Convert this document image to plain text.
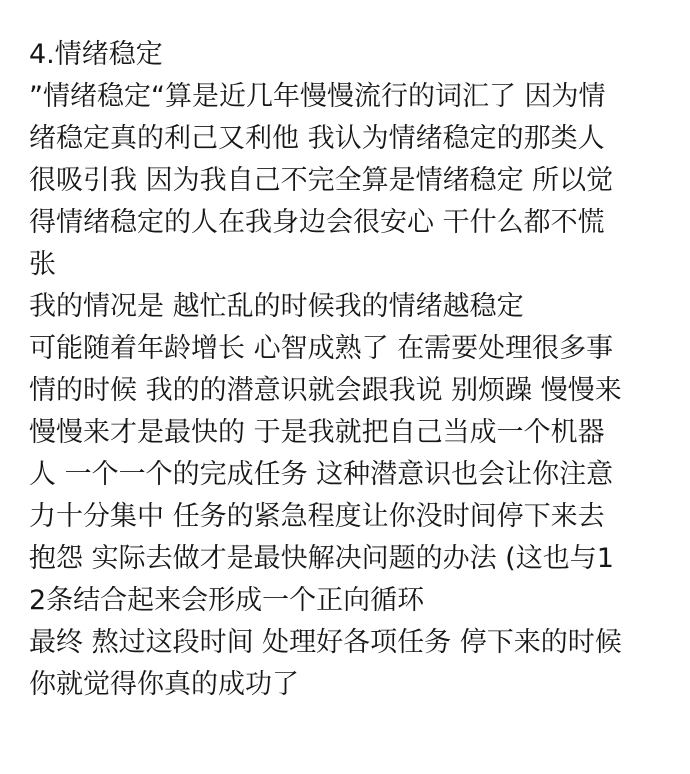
4.情绪稳定
”情绪稳定“算是近几年慢慢流行的词汇了 因为情
绪稳定真的利己又利他 我认为情绪稳定的那类人
很吸引我 因为我自己不完全算是情绪稳定 所以觉
得情绪稳定的人在我身边会很安心 干什么都不慌
张
我的情况是 越忙乱的时候我的情绪越稳定
可能随着年龄增长 心智成熟了 在需要处理很多事
情的时候 我的的潜意识就会跟我说 别烦躁 慢慢来
慢慢来才是最快的 于是我就把自己当成一个机器
人 一个一个的完成任务 这种潜意识也会让你注意
力十分集中 任务的紧急程度让你没时间停下来去
抱怨 实际去做才是最快解决问题的办法 (这也与1
2条结合起来会形成一个正向循环
最终 熬过这段时间 处理好各项任务 停下来的时候
你就觉得你真的成功了
